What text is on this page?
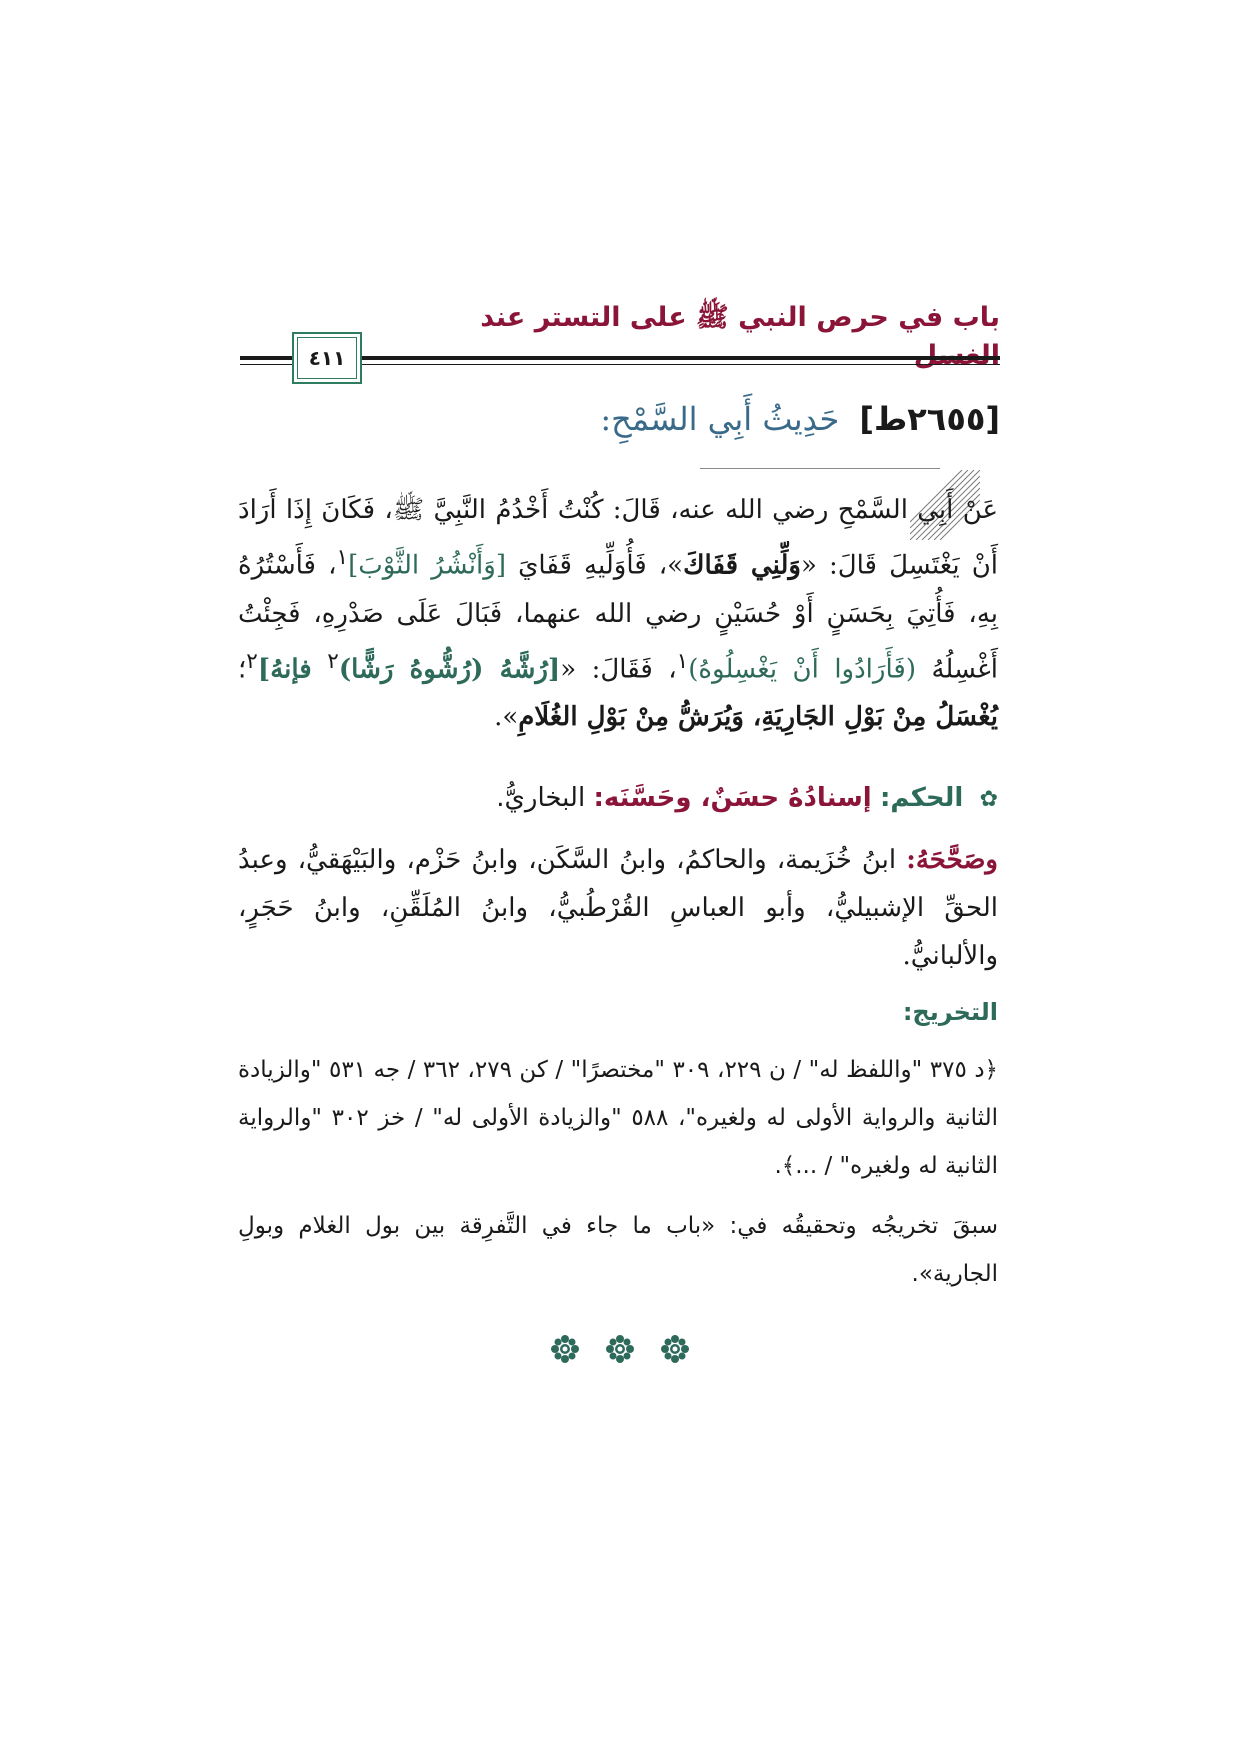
باب في حرص النبي ﷺ على التستر عند
٤١١
[٢٦٥٥ط] حَدِيثُ أَبِي السَّمْحِ:
عَنْ أَبِي السَّمْحِ رضي الله عنه، قَالَ: كُنْتُ أَخْدُمُ النَّبِيَّ ﷺ، فَكَانَ إِذَا أَرَادَ أَنْ يَغْتَسِلَ قَالَ: «وَلِّنِي قَفَاكَ»، فَأُوَلِّيهِ قَفَايَ [وَأَنْشُرُ الثَّوْبَ]$^١$، فَأَسْتُرُهُ بِهِ، فَأُتِيَ بِحَسَنٍ أَوْ حُسَيْنٍ رضي الله عنهما، فَبَالَ عَلَى صَدْرِهِ، فَجِئْتُ أَغْسِلُهُ (فَأَرَادُوا أَنْ يَغْسِلُوهُ)$^١$، فَقَالَ: «[رُشَّهُ (رُشُّوهُ رَشًّا)$^٢$ فإنهُ]$^٢$؛ يُغْسَلُ مِنْ بَوْلِ الجَارِيَةِ، وَيُرَشُّ مِنْ بَوْلِ الغُلَامِ».
✿ الحكم: إسنادُهُ حسَنٌ، وحَسَّنَه: البخاريُّ.
وصَحَّحَهُ: ابنُ خُزَيمة، والحاكمُ، وابنُ السَّكَن، وابنُ حَزْم، والبَيْهَقيُّ، وعبدُ الحقِّ الإشبيليُّ، وأبو العباسِ القُرْطُبيُّ، وابنُ المُلَقِّنِ، وابنُ حَجَرٍ، والألبانيُّ.
التخريج:
﴿د ٣٧٥ "واللفظ له" / ن ٢٢٩، ٣٠٩ "مختصرًا" / كن ٢٧٩، ٣٦٢ / جه ٥٣١ "والزيادة الثانية والرواية الأولى له ولغيره"، ٥٨٨ "والزيادة الأولى له" / خز ٣٠٢ "والرواية الثانية له ولغيره" / ...﴾.
سبقَ تخريجُه وتحقيقُه في: «باب ما جاء في التَّفرِقة بين بول الغلام وبولِ الجارية».
